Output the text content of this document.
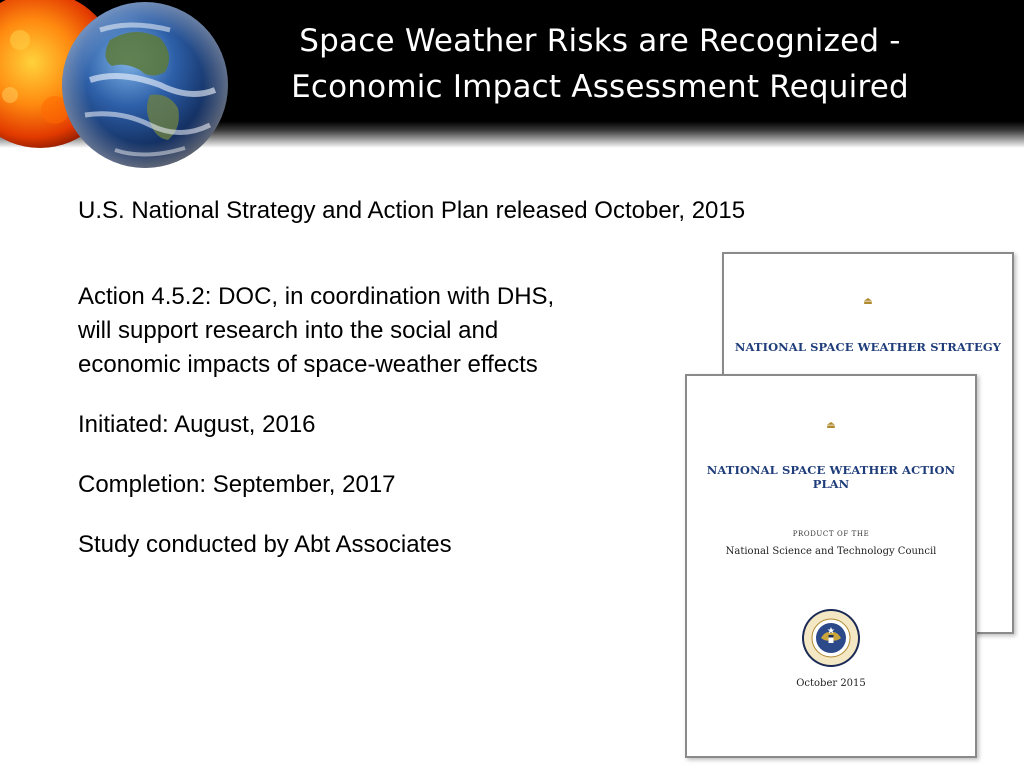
Space Weather Risks are Recognized -
Economic Impact Assessment Required
U.S. National Strategy and Action Plan released October, 2015
Action 4.5.2: DOC, in coordination with DHS,
will support research into the social and
economic impacts of space-weather effects
Initiated: August, 2016
Completion: September, 2017
Study conducted by Abt Associates
⏏
NATIONAL SPACE WEATHER STRATEGY
⏏
NATIONAL SPACE WEATHER ACTION PLAN
PRODUCT OF THE
National Science and Technology Council
October 2015
